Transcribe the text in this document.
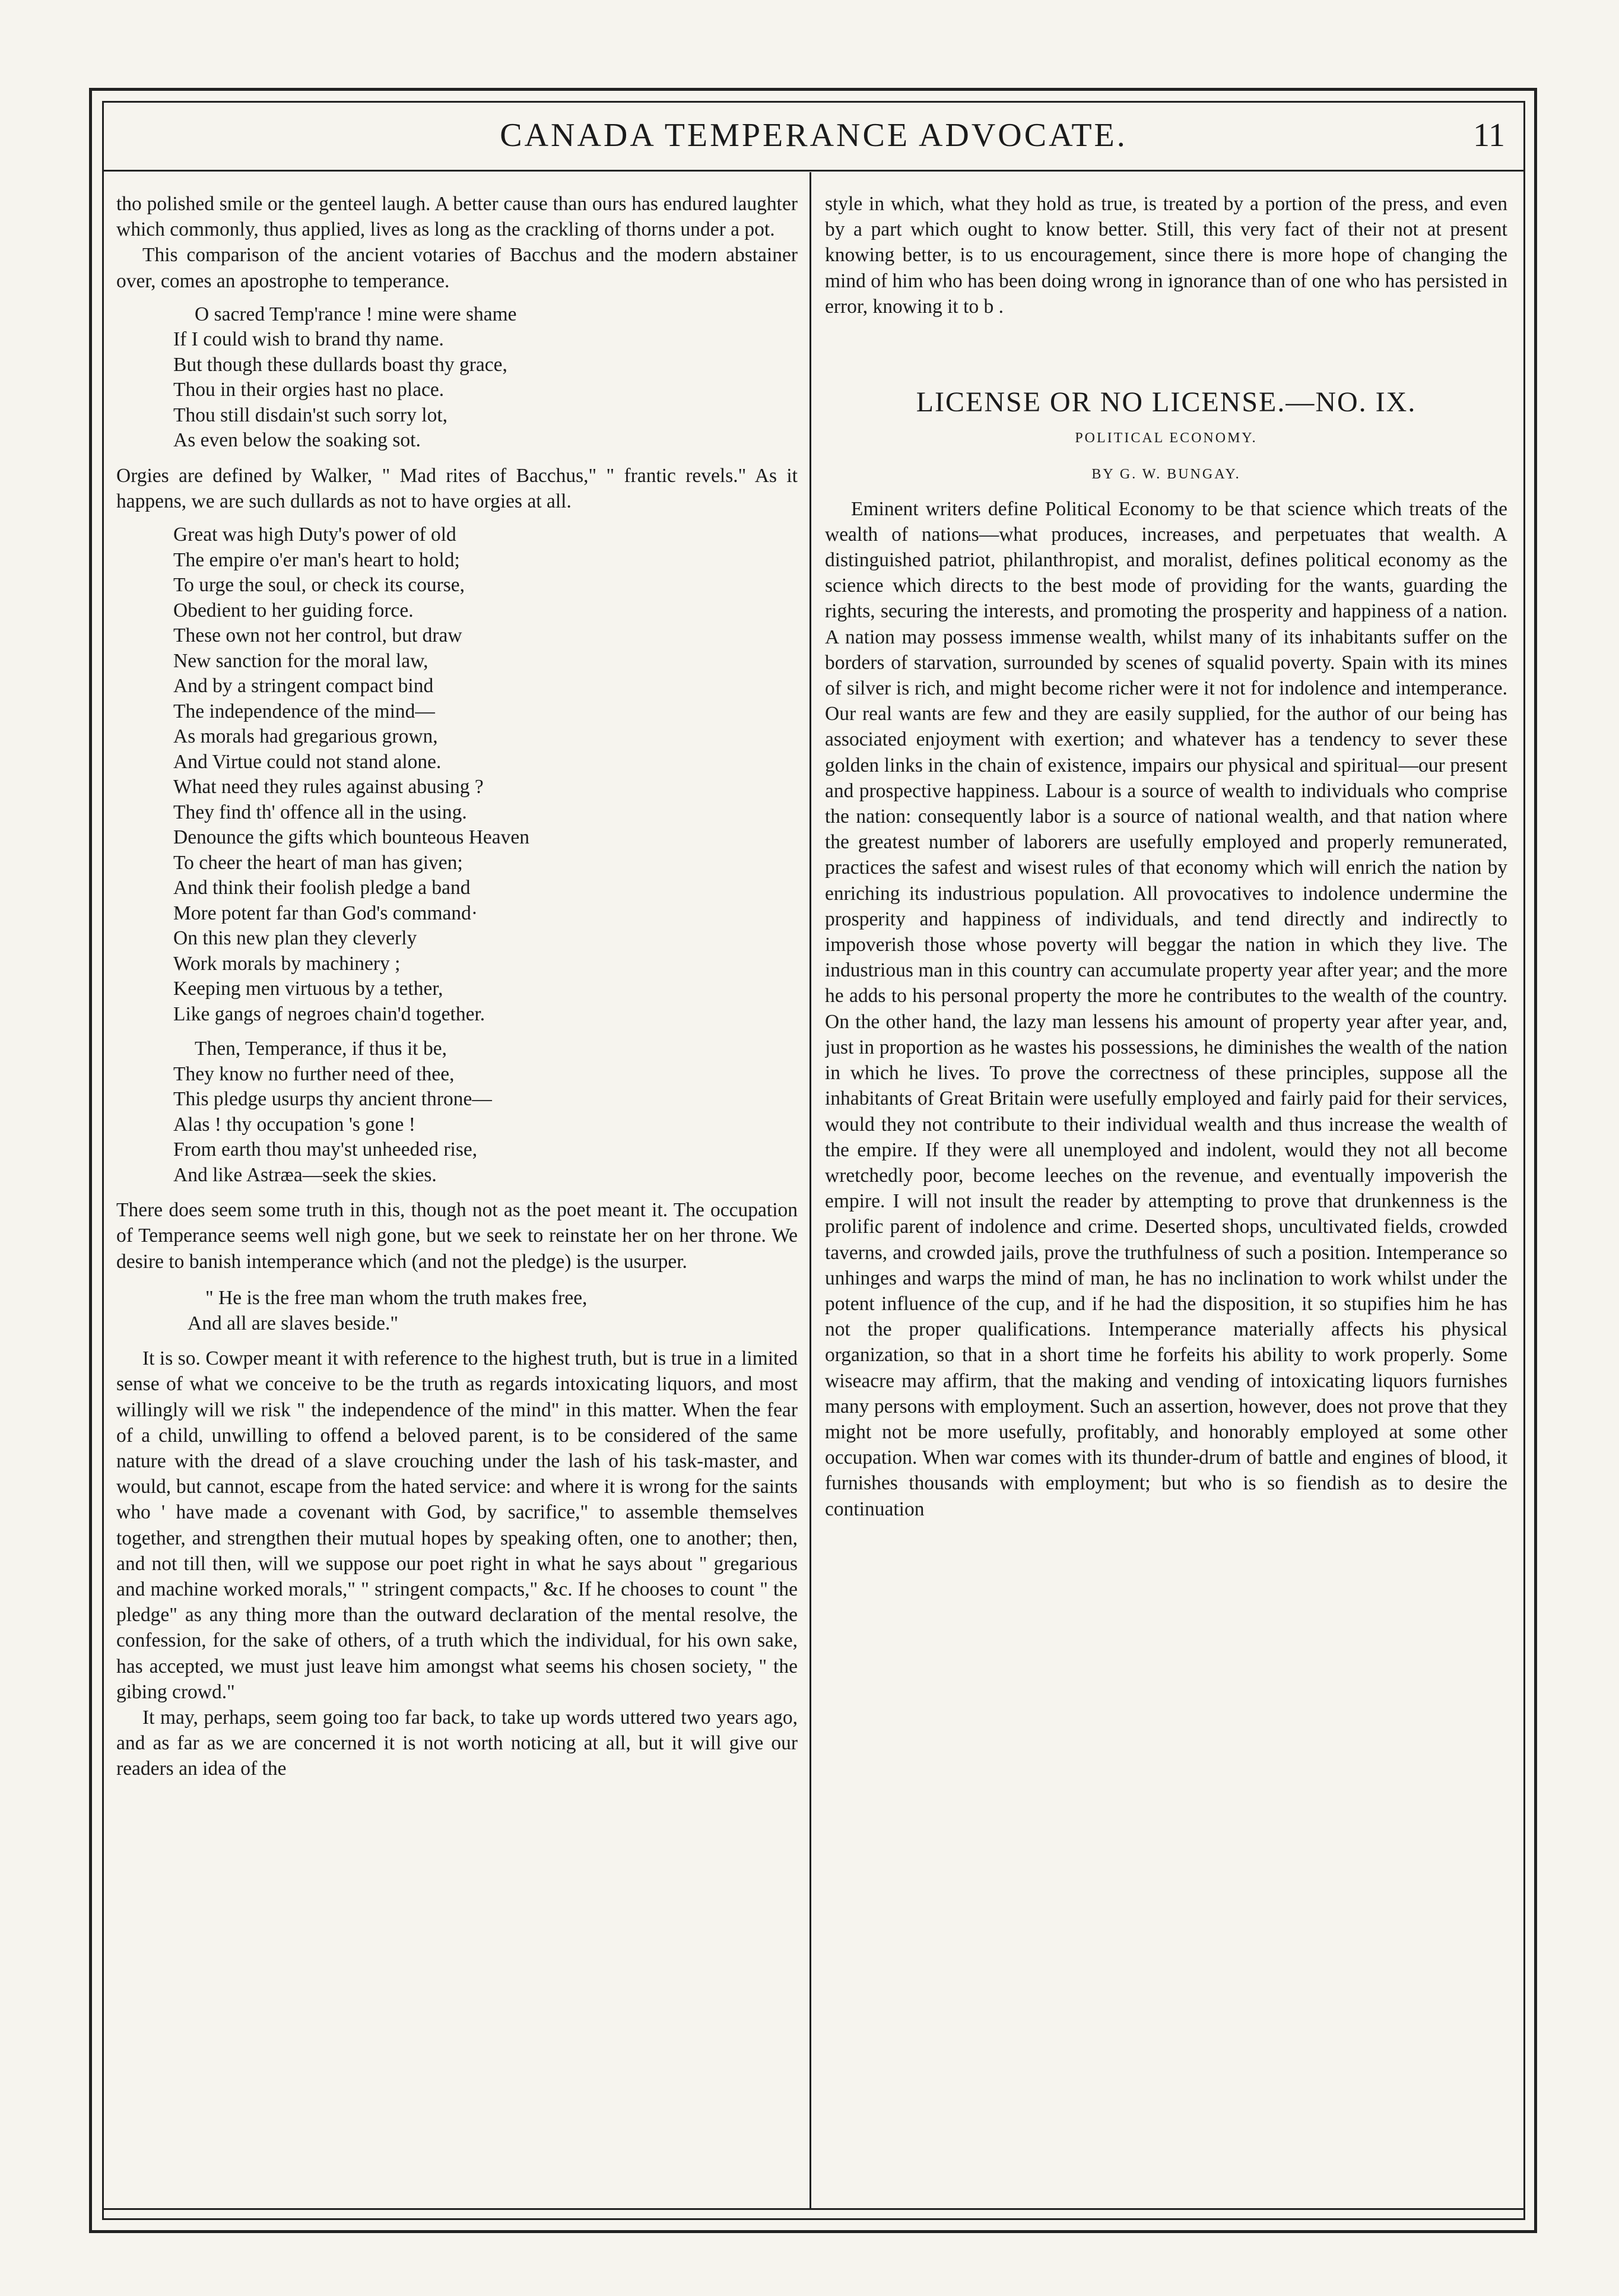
CANADA TEMPERANCE ADVOCATE.	11

tho polished smile or the genteel laugh. A better cause than ours has endured laughter which commonly, thus applied, lives as long as the crackling of thorns under a pot.

This comparison of the ancient votaries of Bacchus and the modern abstainer over, comes an apostrophe to temperance.

O sacred Temp'rance ! mine were shame
If I could wish to brand thy name.
But though these dullards boast thy grace,
Thou in their orgies hast no place.
Thou still disdain'st such sorry lot,
As even below the soaking sot.

Orgies are defined by Walker, " Mad rites of Bacchus," " frantic revels." As it happens, we are such dullards as not to have orgies at all.

Great was high Duty's power of old
The empire o'er man's heart to hold;
To urge the soul, or check its course,
Obedient to her guiding force.
These own not her control, but draw
New sanction for the moral law,
And by a stringent compact bind
The independence of the mind—
As morals had gregarious grown,
And Virtue could not stand alone.
What need they rules against abusing ?
They find th' offence all in the using.
Denounce the gifts which bounteous Heaven
To cheer the heart of man has given;
And think their foolish pledge a band
More potent far than God's command·
On this new plan they cleverly
Work morals by machinery ;
Keeping men virtuous by a tether,
Like gangs of negroes chain'd together.
Then, Temperance, if thus it be,
They know no further need of thee,
This pledge usurps thy ancient throne—
Alas ! thy occupation 's gone !
From earth thou may'st unheeded rise,
And like Astræa—seek the skies.

There does seem some truth in this, though not as the poet meant it. The occupation of Temperance seems well nigh gone, but we seek to reinstate her on her throne. We desire to banish intemperance which (and not the pledge) is the usurper.

" He is the free man whom the truth makes free,
And all are slaves beside."

It is so. Cowper meant it with reference to the highest truth, but is true in a limited sense of what we conceive to be the truth as regards intoxicating liquors, and most willingly will we risk " the independence of the mind" in this matter. When the fear of a child, unwilling to offend a beloved parent, is to be considered of the same nature with the dread of a slave crouching under the lash of his task-master, and would, but cannot, escape from the hated service: and where it is wrong for the saints who ' have made a covenant with God, by sacrifice," to assemble themselves together, and strengthen their mutual hopes by speaking often, one to another; then, and not till then, will we suppose our poet right in what he says about " gregarious and machine worked morals," " stringent compacts," &c. If he chooses to count " the pledge" as any thing more than the outward declaration of the mental resolve, the confession, for the sake of others, of a truth which the individual, for his own sake, has accepted, we must just leave him amongst what seems his chosen society, " the gibing crowd."

It may, perhaps, seem going too far back, to take up words uttered two years ago, and as far as we are concerned it is not worth noticing at all, but it will give our readers an idea of the

style in which, what they hold as true, is treated by a portion of the press, and even by a part which ought to know better. Still, this very fact of their not at present knowing better, is to us encouragement, since there is more hope of changing the mind of him who has been doing wrong in ignorance than of one who has persisted in error, knowing it to b .

LICENSE OR NO LICENSE.—NO. IX.
POLITICAL ECONOMY.
BY G. W. BUNGAY.

Eminent writers define Political Economy to be that science which treats of the wealth of nations—what produces, increases, and perpetuates that wealth. A distinguished patriot, philanthropist, and moralist, defines political economy as the science which directs to the best mode of providing for the wants, guarding the rights, securing the interests, and promoting the prosperity and happiness of a nation. A nation may possess immense wealth, whilst many of its inhabitants suffer on the borders of starvation, surrounded by scenes of squalid poverty. Spain with its mines of silver is rich, and might become richer were it not for indolence and intemperance. Our real wants are few and they are easily supplied, for the author of our being has associated enjoyment with exertion; and whatever has a tendency to sever these golden links in the chain of existence, impairs our physical and spiritual—our present and prospective happiness. Labour is a source of wealth to individuals who comprise the nation: consequently labor is a source of national wealth, and that nation where the greatest number of laborers are usefully employed and properly remunerated, practices the safest and wisest rules of that economy which will enrich the nation by enriching its industrious population. All provocatives to indolence undermine the prosperity and happiness of individuals, and tend directly and indirectly to impoverish those whose poverty will beggar the nation in which they live. The industrious man in this country can accumulate property year after year; and the more he adds to his personal property the more he contributes to the wealth of the country. On the other hand, the lazy man lessens his amount of property year after year, and, just in proportion as he wastes his possessions, he diminishes the wealth of the nation in which he lives. To prove the correctness of these principles, suppose all the inhabitants of Great Britain were usefully employed and fairly paid for their services, would they not contribute to their individual wealth and thus increase the wealth of the empire. If they were all unemployed and indolent, would they not all become wretchedly poor, become leeches on the revenue, and eventually impoverish the empire. I will not insult the reader by attempting to prove that drunkenness is the prolific parent of indolence and crime. Deserted shops, uncultivated fields, crowded taverns, and crowded jails, prove the truthfulness of such a position. Intemperance so unhinges and warps the mind of man, he has no inclination to work whilst under the potent influence of the cup, and if he had the disposition, it so stupifies him he has not the proper qualifications. Intemperance materially affects his physical organization, so that in a short time he forfeits his ability to work properly. Some wiseacre may affirm, that the making and vending of intoxicating liquors furnishes many persons with employment. Such an assertion, however, does not prove that they might not be more usefully, profitably, and honorably employed at some other occupation. When war comes with its thunder-drum of battle and engines of blood, it furnishes thousands with employment; but who is so fiendish as to desire the continuation
